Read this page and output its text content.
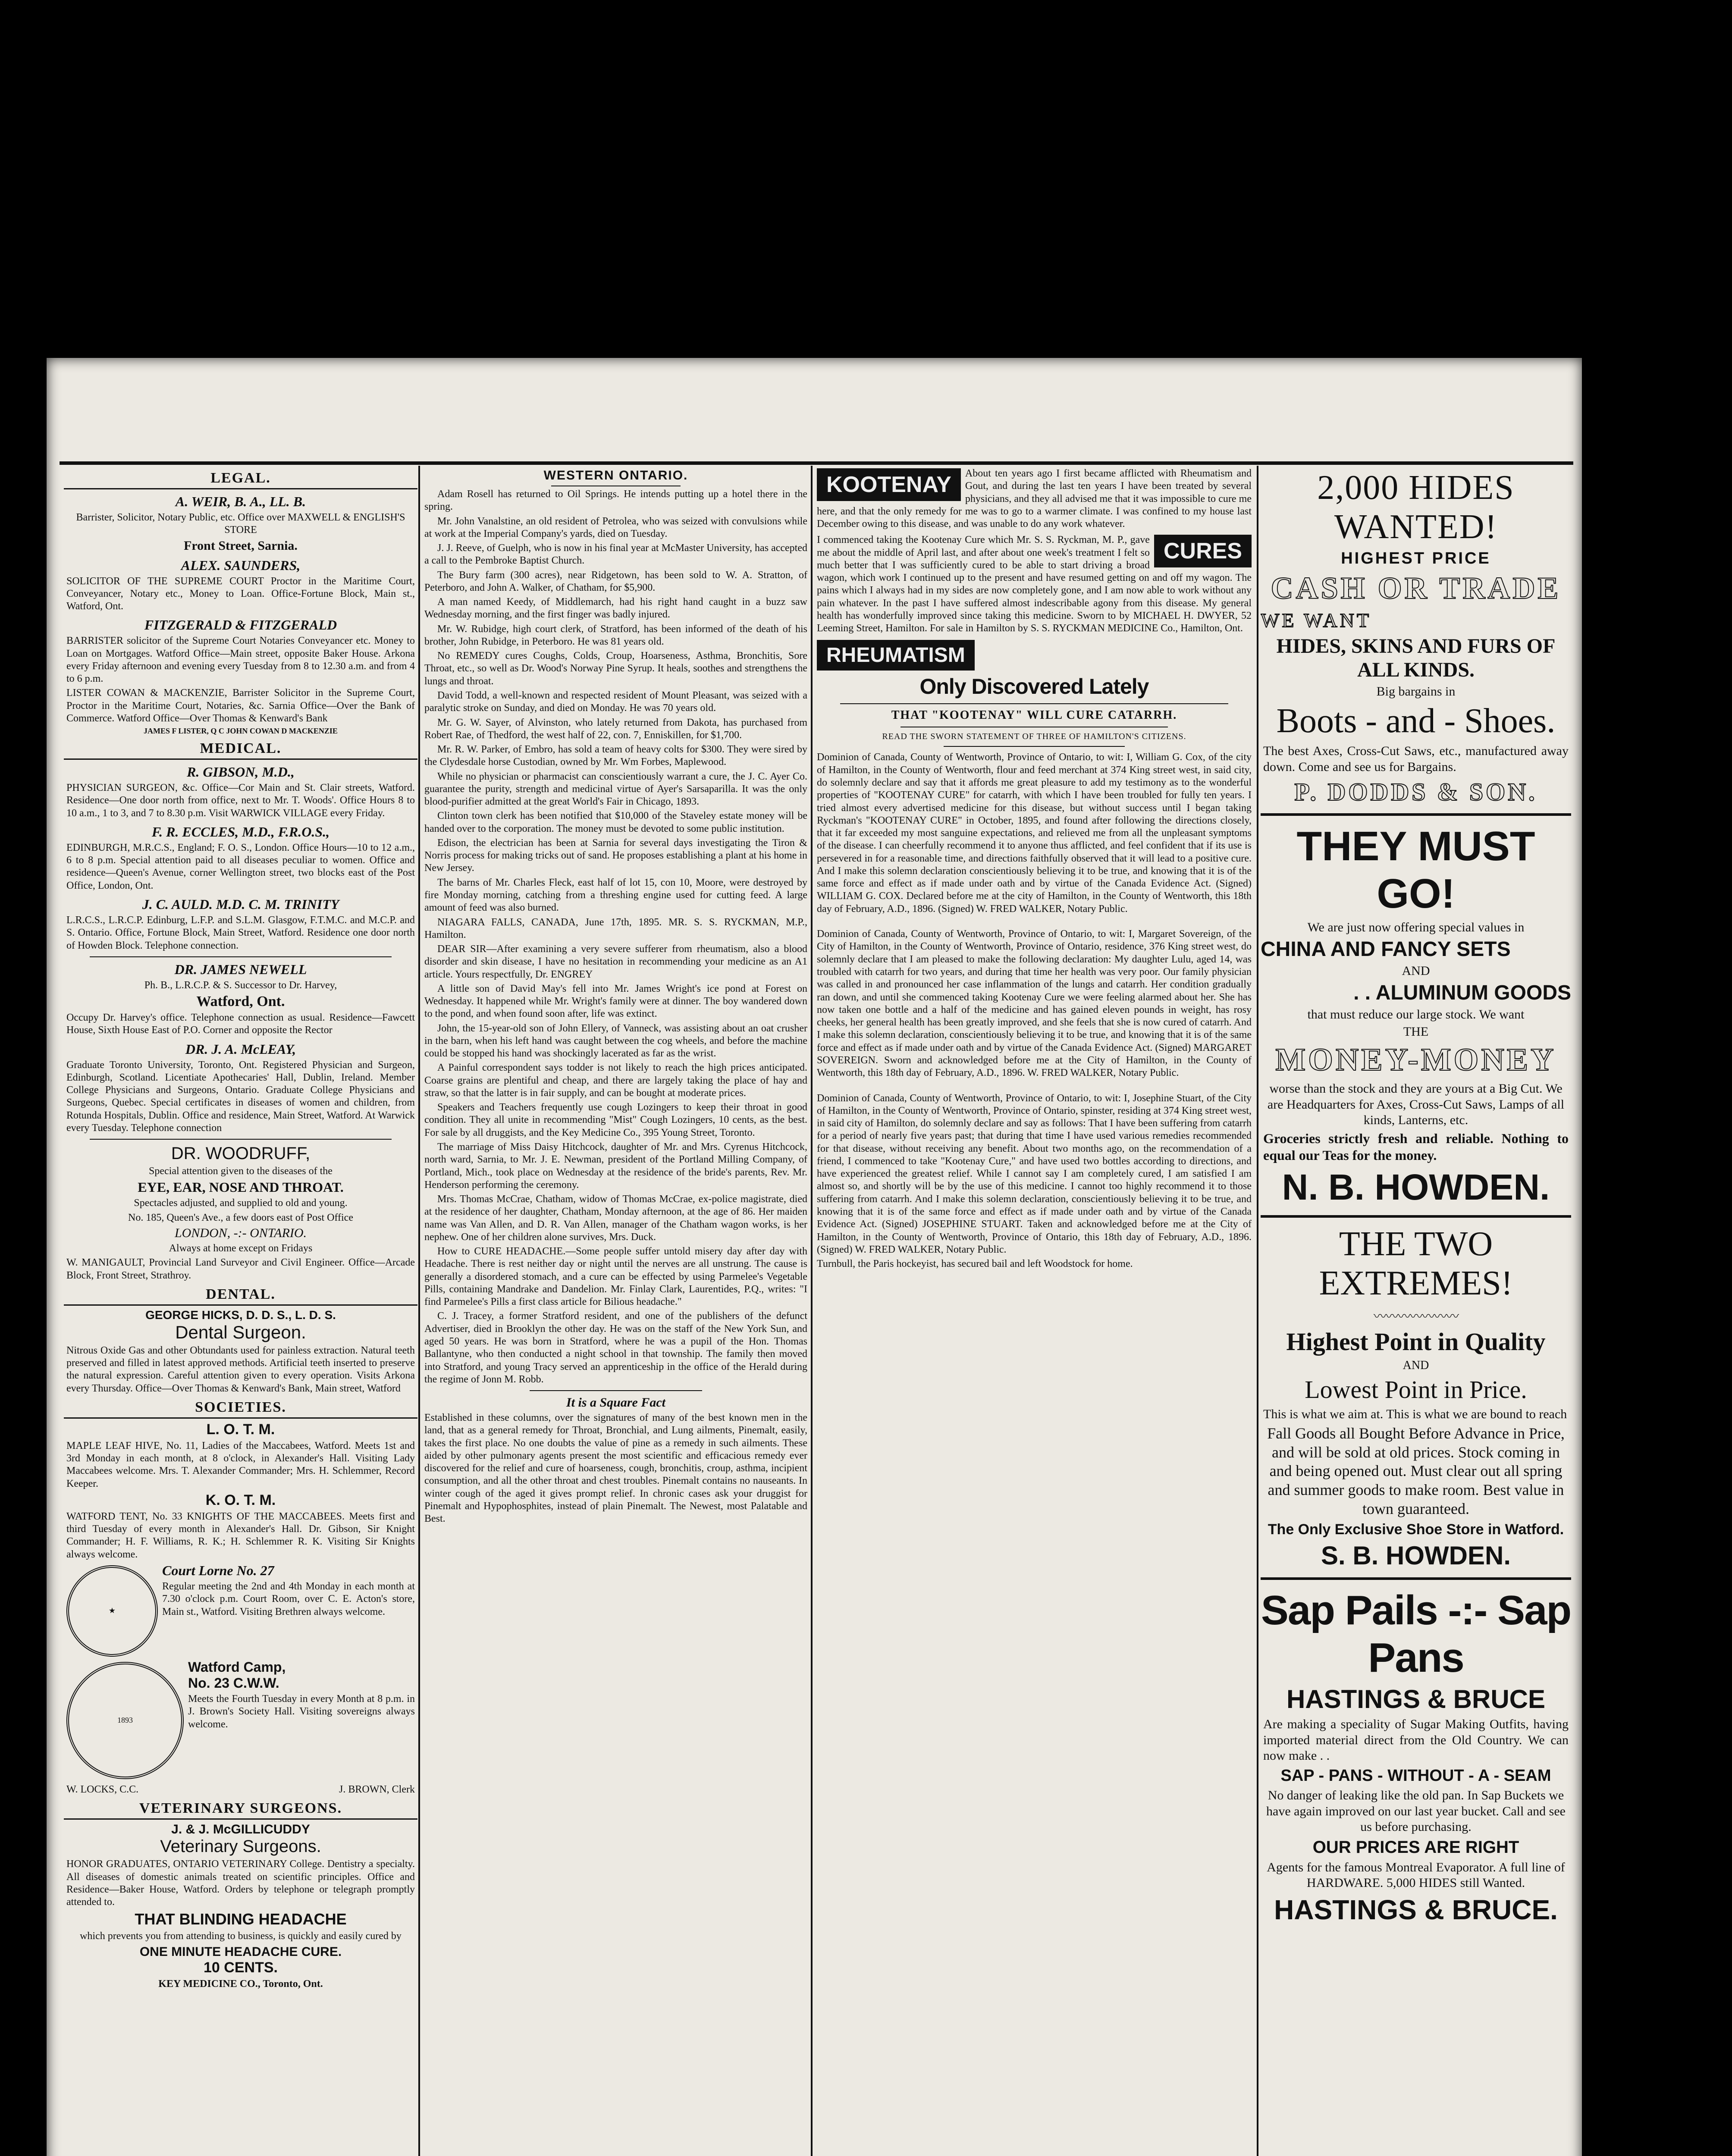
LEGAL.
A. WEIR, B. A., LL. B.
Barrister, Solicitor, Notary Public, etc. Office over MAXWELL & ENGLISH'S STORE
Front Street, Sarnia.
ALEX. SAUNDERS,
SOLICITOR OF THE SUPREME COURT Proctor in the Maritime Court, Conveyancer, Notary etc., Money to Loan. Office-Fortune Block, Main st., Watford, Ont.
FITZGERALD & FITZGERALD
BARRISTER solicitor of the Supreme Court Notaries Conveyancer etc. Money to Loan on Mortgages. Watford Office—Main street, opposite Baker House. Arkona every Friday afternoon and evening every Tuesday from 8 to 12.30 a.m. and from 4 to 6 p.m.
LISTER COWAN & MACKENZIE, Barrister Solicitor in the Supreme Court, Proctor in the Maritime Court, Notaries, &c. Sarnia Office—Over the Bank of Commerce. Watford Office—Over Thomas & Kenward's Bank
JAMES F LISTER, Q C JOHN COWAN D MACKENZIE
MEDICAL.
R. GIBSON, M.D.,
PHYSICIAN SURGEON, &c. Office—Cor Main and St. Clair streets, Watford. Residence—One door north from office, next to Mr. T. Woods'. Office Hours 8 to 10 a.m., 1 to 3, and 7 to 8.30 p.m. Visit WARWICK VILLAGE every Friday.
F. R. ECCLES, M.D., F.R.O.S.,
EDINBURGH, M.R.C.S., England; F. O. S., London. Office Hours—10 to 12 a.m., 6 to 8 p.m. Special attention paid to all diseases peculiar to women. Office and residence—Queen's Avenue, corner Wellington street, two blocks east of the Post Office, London, Ont.
J. C. AULD. M.D. C. M. TRINITY
L.R.C.S., L.R.C.P. Edinburg, L.F.P. and S.L.M. Glasgow, F.T.M.C. and M.C.P. and S. Ontario. Office, Fortune Block, Main Street, Watford. Residence one door north of Howden Block. Telephone connection.
DR. JAMES NEWELL
Ph. B., L.R.C.P. & S. Successor to Dr. Harvey,
Watford, Ont.
Occupy Dr. Harvey's office. Telephone connection as usual. Residence—Fawcett House, Sixth House East of P.O. Corner and opposite the Rector
DR. J. A. McLEAY,
Graduate Toronto University, Toronto, Ont. Registered Physician and Surgeon, Edinburgh, Scotland. Licentiate Apothecaries' Hall, Dublin, Ireland. Member College Physicians and Surgeons, Ontario. Graduate College Physicians and Surgeons, Quebec. Special certificates in diseases of women and children, from Rotunda Hospitals, Dublin. Office and residence, Main Street, Watford. At Warwick every Tuesday. Telephone connection
DR. WOODRUFF,
Special attention given to the diseases of the
EYE, EAR, NOSE AND THROAT.
Spectacles adjusted, and supplied to old and young.
No. 185, Queen's Ave., a few doors east of Post Office
LONDON, -:- ONTARIO.
Always at home except on Fridays
W. MANIGAULT, Provincial Land Surveyor and Civil Engineer. Office—Arcade Block, Front Street, Strathroy.
DENTAL.
GEORGE HICKS, D. D. S., L. D. S.
Dental Surgeon.
Nitrous Oxide Gas and other Obtundants used for painless extraction. Natural teeth preserved and filled in latest approved methods. Artificial teeth inserted to preserve the natural expression. Careful attention given to every operation. Visits Arkona every Thursday. Office—Over Thomas & Kenward's Bank, Main street, Watford
SOCIETIES.
L. O. T. M.
MAPLE LEAF HIVE, No. 11, Ladies of the Maccabees, Watford. Meets 1st and 3rd Monday in each month, at 8 o'clock, in Alexander's Hall. Visiting Lady Maccabees welcome. Mrs. T. Alexander Commander; Mrs. H. Schlemmer, Record Keeper.
K. O. T. M.
WATFORD TENT, No. 33 KNIGHTS OF THE MACCABEES. Meets first and third Tuesday of every month in Alexander's Hall. Dr. Gibson, Sir Knight Commander; H. F. Williams, R. K.; H. Schlemmer R. K. Visiting Sir Knights always welcome.
★
Court Lorne No. 27
Regular meeting the 2nd and 4th Monday in each month at 7.30 o'clock p.m. Court Room, over C. E. Acton's store, Main st., Watford. Visiting Brethren always welcome.
1893
Watford Camp,
No. 23 C.W.W.
Meets the Fourth Tuesday in every Month at 8 p.m. in J. Brown's Society Hall. Visiting sovereigns always welcome.
W. LOCKS, C.C.	J. BROWN, Clerk
VETERINARY SURGEONS.
J. & J. McGILLICUDDY
Veterinary Surgeons.
HONOR GRADUATES, ONTARIO VETERINARY College. Dentistry a specialty. All diseases of domestic animals treated on scientific principles. Office and Residence—Baker House, Watford. Orders by telephone or telegraph promptly attended to.
THAT BLINDING HEADACHE
which prevents you from attending to business, is quickly and easily cured by
ONE MINUTE HEADACHE CURE.
10 CENTS.
KEY MEDICINE CO., Toronto, Ont.
WESTERN ONTARIO.
Adam Rosell has returned to Oil Springs. He intends putting up a hotel there in the spring.
Mr. John Vanalstine, an old resident of Petrolea, who was seized with convulsions while at work at the Imperial Company's yards, died on Tuesday.
J. J. Reeve, of Guelph, who is now in his final year at McMaster University, has accepted a call to the Pembroke Baptist Church.
The Bury farm (300 acres), near Ridgetown, has been sold to W. A. Stratton, of Peterboro, and John A. Walker, of Chatham, for $5,900.
A man named Keedy, of Middlemarch, had his right hand caught in a buzz saw Wednesday morning, and the first finger was badly injured.
Mr. W. Rubidge, high court clerk, of Stratford, has been informed of the death of his brother, John Rubidge, in Peterboro. He was 81 years old.
No REMEDY cures Coughs, Colds, Croup, Hoarseness, Asthma, Bronchitis, Sore Throat, etc., so well as Dr. Wood's Norway Pine Syrup. It heals, soothes and strengthens the lungs and throat.
David Todd, a well-known and respected resident of Mount Pleasant, was seized with a paralytic stroke on Sunday, and died on Monday. He was 70 years old.
Mr. G. W. Sayer, of Alvinston, who lately returned from Dakota, has purchased from Robert Rae, of Thedford, the west half of 22, con. 7, Enniskillen, for $1,700.
Mr. R. W. Parker, of Embro, has sold a team of heavy colts for $300. They were sired by the Clydesdale horse Custodian, owned by Mr. Wm Forbes, Maplewood.
While no physician or pharmacist can conscientiously warrant a cure, the J. C. Ayer Co. guarantee the purity, strength and medicinal virtue of Ayer's Sarsaparilla. It was the only blood-purifier admitted at the great World's Fair in Chicago, 1893.
Clinton town clerk has been notified that $10,000 of the Staveley estate money will be handed over to the corporation. The money must be devoted to some public institution.
Edison, the electrician has been at Sarnia for several days investigating the Tiron & Norris process for making tricks out of sand. He proposes establishing a plant at his home in New Jersey.
The barns of Mr. Charles Fleck, east half of lot 15, con 10, Moore, were destroyed by fire Monday morning, catching from a threshing engine used for cutting feed. A large amount of feed was also burned.
NIAGARA FALLS, CANADA, June 17th, 1895. MR. S. S. RYCKMAN, M.P., Hamilton.
DEAR SIR—After examining a very severe sufferer from rheumatism, also a blood disorder and skin disease, I have no hesitation in recommending your medicine as an A1 article. Yours respectfully, Dr. ENGREY
A little son of David May's fell into Mr. James Wright's ice pond at Forest on Wednesday. It happened while Mr. Wright's family were at dinner. The boy wandered down to the pond, and when found soon after, life was extinct.
John, the 15-year-old son of John Ellery, of Vanneck, was assisting about an oat crusher in the barn, when his left hand was caught between the cog wheels, and before the machine could be stopped his hand was shockingly lacerated as far as the wrist.
A Painful correspondent says todder is not likely to reach the high prices anticipated. Coarse grains are plentiful and cheap, and there are largely taking the place of hay and straw, so that the latter is in fair supply, and can be bought at moderate prices.
Speakers and Teachers frequently use cough Lozingers to keep their throat in good condition. They all unite in recommending "Mist" Cough Lozingers, 10 cents, as the best. For sale by all druggists, and the Key Medicine Co., 395 Young Street, Toronto.
The marriage of Miss Daisy Hitchcock, daughter of Mr. and Mrs. Cyrenus Hitchcock, north ward, Sarnia, to Mr. J. E. Newman, president of the Portland Milling Company, of Portland, Mich., took place on Wednesday at the residence of the bride's parents, Rev. Mr. Henderson performing the ceremony.
Mrs. Thomas McCrae, Chatham, widow of Thomas McCrae, ex-police magistrate, died at the residence of her daughter, Chatham, Monday afternoon, at the age of 86. Her maiden name was Van Allen, and D. R. Van Allen, manager of the Chatham wagon works, is her nephew. One of her children alone survives, Mrs. Duck.
How to CURE HEADACHE.—Some people suffer untold misery day after day with Headache. There is rest neither day or night until the nerves are all unstrung. The cause is generally a disordered stomach, and a cure can be effected by using Parmelee's Vegetable Pills, containing Mandrake and Dandelion. Mr. Finlay Clark, Laurentides, P.Q., writes: "I find Parmelee's Pills a first class article for Bilious headache."
C. J. Tracey, a former Stratford resident, and one of the publishers of the defunct Advertiser, died in Brooklyn the other day. He was on the staff of the New York Sun, and aged 50 years. He was born in Stratford, where he was a pupil of the Hon. Thomas Ballantyne, who then conducted a night school in that township. The family then moved into Stratford, and young Tracy served an apprenticeship in the office of the Herald during the regime of Jonn M. Robb.
It is a Square Fact
Established in these columns, over the signatures of many of the best known men in the land, that as a general remedy for Throat, Bronchial, and Lung ailments, Pinemalt, easily, takes the first place. No one doubts the value of pine as a remedy in such ailments. These aided by other pulmonary agents present the most scientific and efficacious remedy ever discovered for the relief and cure of hoarseness, cough, bronchitis, croup, asthma, incipient consumption, and all the other throat and chest troubles. Pinemalt contains no nauseants. In winter cough of the aged it gives prompt relief. In chronic cases ask your druggist for Pinemalt and Hypophosphites, instead of plain Pinemalt. The Newest, most Palatable and Best.
KOOTENAY	About ten years ago I first became afflicted with Rheumatism and Gout, and during the last ten years I have been treated by several physicians, and they all advised me that it was impossible to cure me here, and that the only remedy for me was to go to a warmer climate. I was confined to my house last December owing to this disease, and was unable to do any work whatever.
CURES
I commenced taking the Kootenay Cure which Mr. S. S. Ryckman, M. P., gave me about the middle of April last, and after about one week's treatment I felt so much better that I was sufficiently cured to be able to start driving a broad wagon, which work I continued up to the present and have resumed getting on and off my wagon. The pains which I always had in my sides are now completely gone, and I am now able to work without any pain whatever. In the past I have suffered almost indescribable agony from this disease. My general health has wonderfully improved since taking this medicine. Sworn to by MICHAEL H. DWYER, 52 Leeming Street, Hamilton. For sale in Hamilton by S. S. RYCKMAN MEDICINE Co., Hamilton, Ont.
RHEUMATISM
Only Discovered Lately
THAT "KOOTENAY" WILL CURE CATARRH.
READ THE SWORN STATEMENT OF THREE OF HAMILTON'S CITIZENS.
Dominion of Canada, County of Wentworth, Province of Ontario, to wit: I, William G. Cox, of the city of Hamilton, in the County of Wentworth, flour and feed merchant at 374 King street west, in said city, do solemnly declare and say that it affords me great pleasure to add my testimony as to the wonderful properties of "KOOTENAY CURE" for catarrh, with which I have been troubled for fully ten years. I tried almost every advertised medicine for this disease, but without success until I began taking Ryckman's "KOOTENAY CURE" in October, 1895, and found after following the directions closely, that it far exceeded my most sanguine expectations, and relieved me from all the unpleasant symptoms of the disease. I can cheerfully recommend it to anyone thus afflicted, and feel confident that if its use is persevered in for a reasonable time, and directions faithfully observed that it will lead to a positive cure. And I make this solemn declaration conscientiously believing it to be true, and knowing that it is of the same force and effect as if made under oath and by virtue of the Canada Evidence Act. (Signed) WILLIAM G. COX. Declared before me at the city of Hamilton, in the County of Wentworth, this 18th day of February, A.D., 1896. (Signed) W. FRED WALKER, Notary Public.

Dominion of Canada, County of Wentworth, Province of Ontario, to wit: I, Margaret Sovereign, of the City of Hamilton, in the County of Wentworth, Province of Ontario, residence, 376 King street west, do solemnly declare that I am pleased to make the following declaration: My daughter Lulu, aged 14, was troubled with catarrh for two years, and during that time her health was very poor. Our family physician was called in and pronounced her case inflammation of the lungs and catarrh. Her condition gradually ran down, and until she commenced taking Kootenay Cure we were feeling alarmed about her. She has now taken one bottle and a half of the medicine and has gained eleven pounds in weight, has rosy cheeks, her general health has been greatly improved, and she feels that she is now cured of catarrh. And I make this solemn declaration, conscientiously believing it to be true, and knowing that it is of the same force and effect as if made under oath and by virtue of the Canada Evidence Act. (Signed) MARGARET SOVEREIGN. Sworn and acknowledged before me at the City of Hamilton, in the County of Wentworth, this 18th day of February, A.D., 1896. W. FRED WALKER, Notary Public.

Dominion of Canada, County of Wentworth, Province of Ontario, to wit: I, Josephine Stuart, of the City of Hamilton, in the County of Wentworth, Province of Ontario, spinster, residing at 374 King street west, in said city of Hamilton, do solemnly declare and say as follows: That I have been suffering from catarrh for a period of nearly five years past; that during that time I have used various remedies recommended for that disease, without receiving any benefit. About two months ago, on the recommendation of a friend, I commenced to take "Kootenay Cure," and have used two bottles according to directions, and have experienced the greatest relief. While I cannot say I am completely cured, I am satisfied I am almost so, and shortly will be by the use of this medicine. I cannot too highly recommend it to those suffering from catarrh. And I make this solemn declaration, conscientiously believing it to be true, and knowing that it is of the same force and effect as if made under oath and by virtue of the Canada Evidence Act. (Signed) JOSEPHINE STUART. Taken and acknowledged before me at the City of Hamilton, in the County of Wentworth, Province of Ontario, this 18th day of February, A.D., 1896. (Signed) W. FRED WALKER, Notary Public.
Turnbull, the Paris hockeyist, has secured bail and left Woodstock for home.
2,000 HIDES WANTED!
HIGHEST PRICE
CASH OR TRADE
WE WANT
HIDES, SKINS AND FURS OF ALL KINDS.
Big bargains in
Boots - and - Shoes.
The best Axes, Cross-Cut Saws, etc., manufactured away down. Come and see us for Bargains.
P. DODDS & SON.
THEY MUST GO!
We are just now offering special values in
CHINA AND FANCY SETS
AND
. . ALUMINUM GOODS
that must reduce our large stock. We want
THE
MONEY-MONEY
worse than the stock and they are yours at a Big Cut. We are Headquarters for Axes, Cross-Cut Saws, Lamps of all kinds, Lanterns, etc.
Groceries strictly fresh and reliable. Nothing to equal our Teas for the money.
N. B. HOWDEN.
THE TWO EXTREMES!
〰〰〰〰〰〰〰
Highest Point in Quality
AND
Lowest Point in Price.
This is what we aim at. This is what we are bound to reach
Fall Goods all Bought Before Advance in Price, and will be sold at old prices. Stock coming in and being opened out. Must clear out all spring and summer goods to make room. Best value in town guaranteed.
The Only Exclusive Shoe Store in Watford.
S. B. HOWDEN.
Sap Pails -:- Sap Pans
HASTINGS & BRUCE
Are making a speciality of Sugar Making Outfits, having imported material direct from the Old Country. We can now make . .
SAP - PANS - WITHOUT - A - SEAM
No danger of leaking like the old pan. In Sap Buckets we have again improved on our last year bucket. Call and see us before purchasing.
OUR PRICES ARE RIGHT
Agents for the famous Montreal Evaporator. A full line of HARDWARE. 5,000 HIDES still Wanted.
HASTINGS & BRUCE.
